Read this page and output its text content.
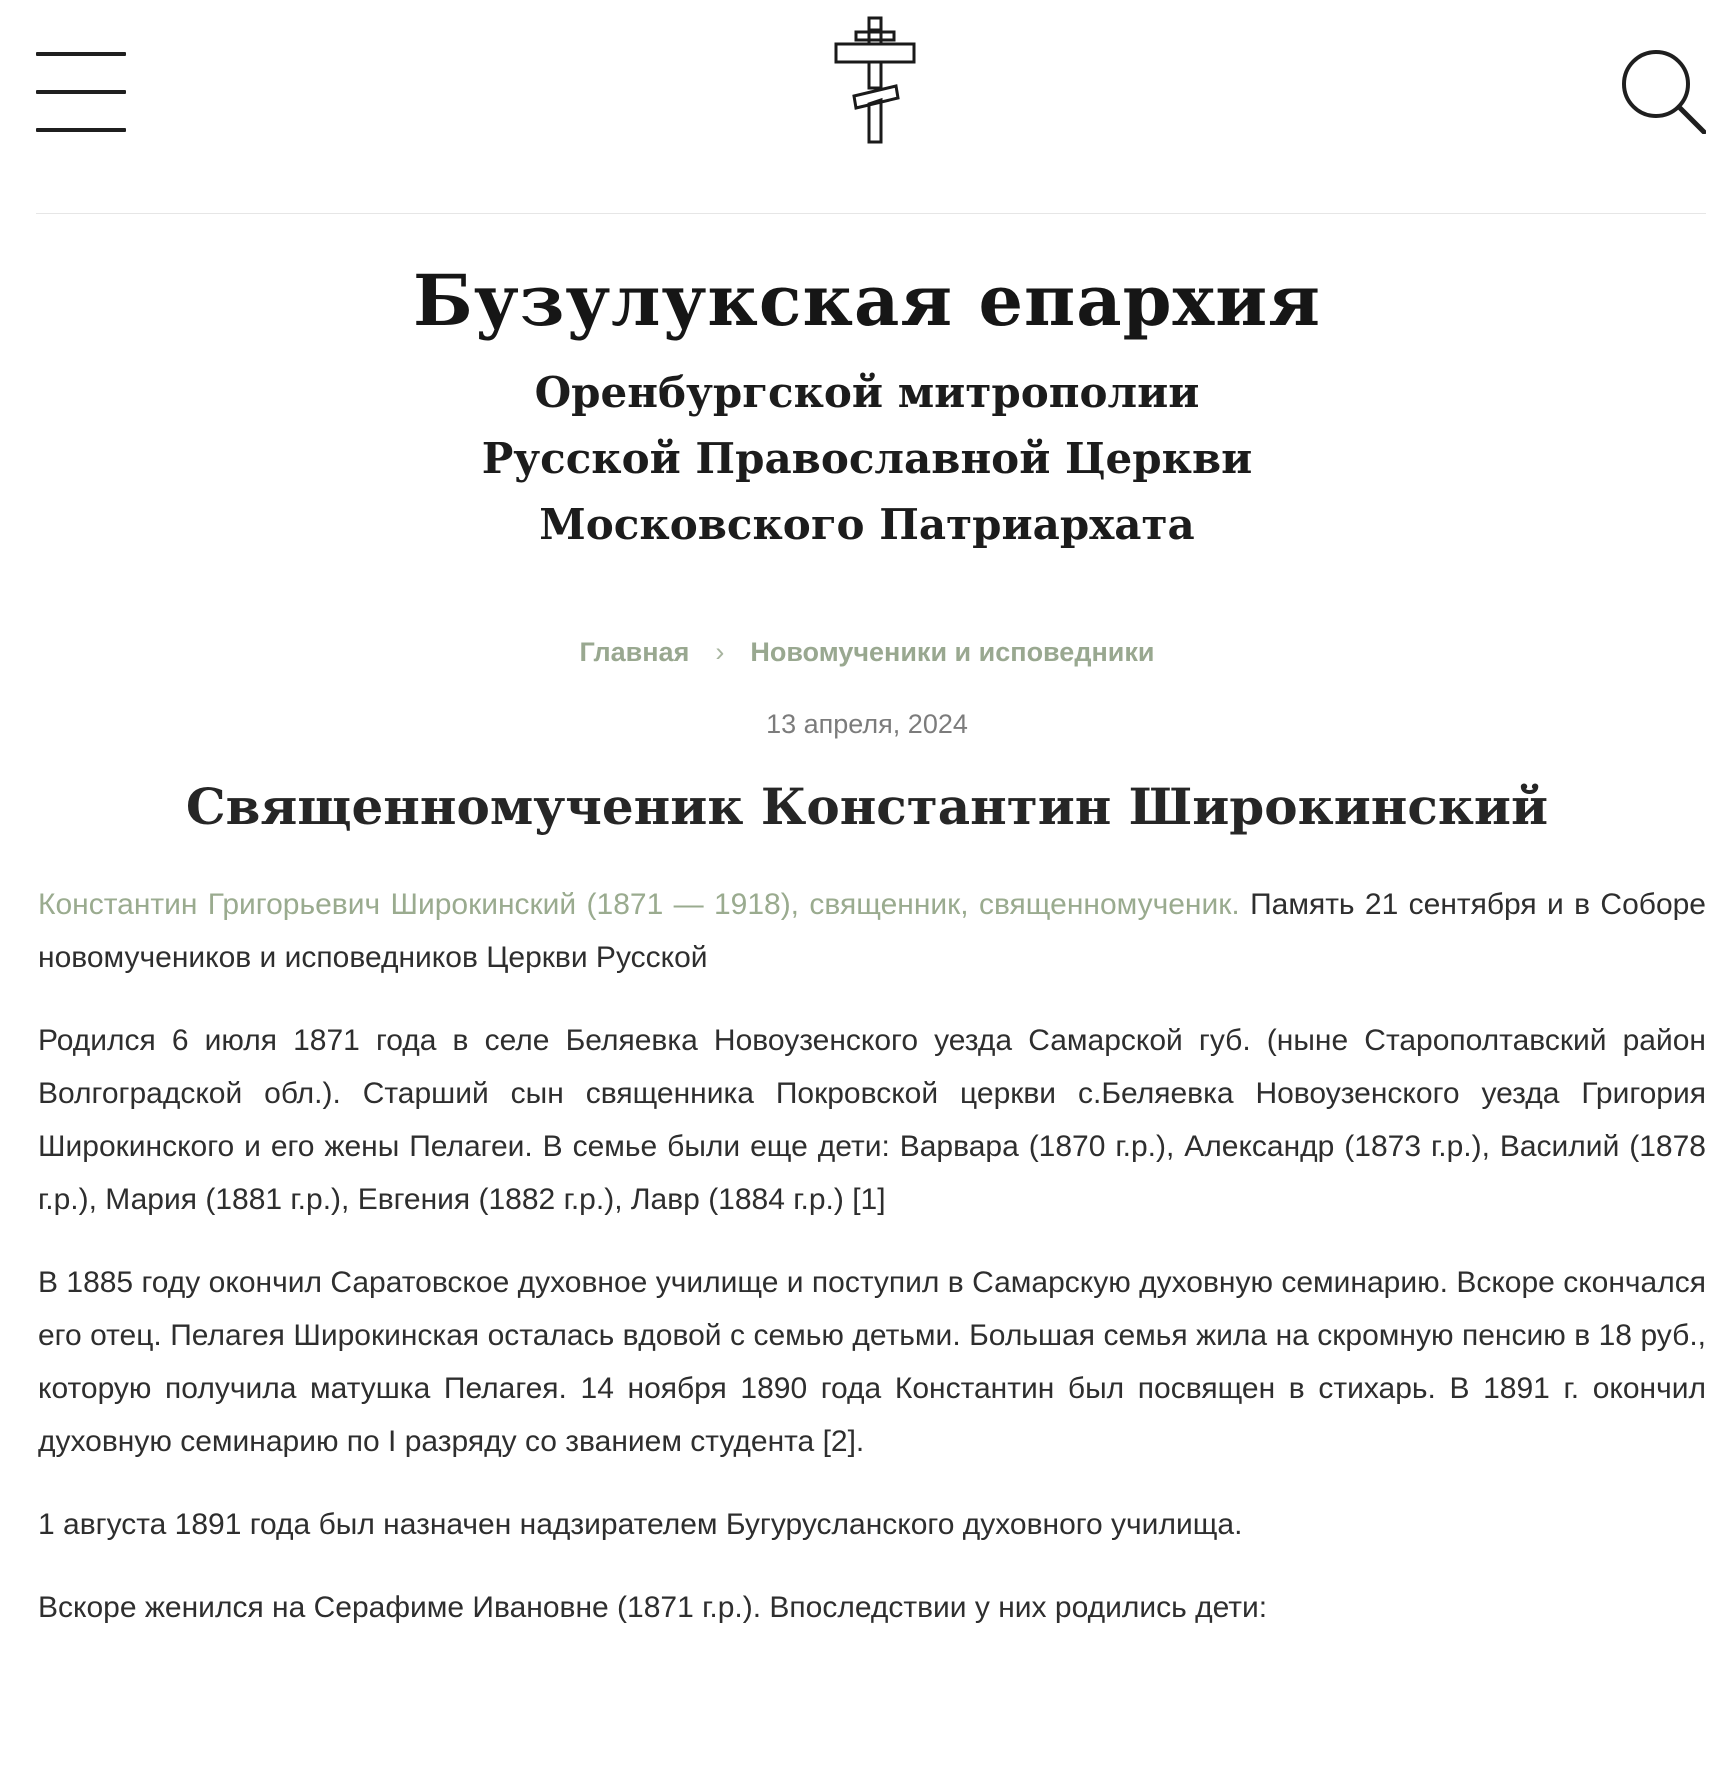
Бузулукская епархия
Оренбургской митрополии
Русской Православной Церкви
Московского Патриархата
Главная › Новомученики и исповедники
13 апреля, 2024
Священномученик Константин Широкинский

Константин Григорьевич Широкинский (1871 — 1918), священник, священномученик. Память 21 сентября и в Соборе новомучеников и исповедников Церкви Русской

Родился 6 июля 1871 года в селе Беляевка Новоузенского уезда Самарской губ. (ныне Старополтавский район Волгоградской обл.). Старший сын священника Покровской церкви с.Беляевка Новоузенского уезда Григория Широкинского и его жены Пелагеи. В семье были еще дети: Варвара (1870 г.р.), Александр (1873 г.р.), Василий (1878 г.р.), Мария (1881 г.р.), Евгения (1882 г.р.), Лавр (1884 г.р.) [1]

В 1885 году окончил Саратовское духовное училище и поступил в Самарскую духовную семинарию. Вскоре скончался его отец. Пелагея Широкинская осталась вдовой с семью детьми. Большая семья жила на скромную пенсию в 18 руб., которую получила матушка Пелагея. 14 ноября 1890 года Константин был посвящен в стихарь. В 1891 г. окончил духовную семинарию по I разряду со званием студента [2].

1 августа 1891 года был назначен надзирателем Бугурусланского духовного училища.

Вскоре женился на Серафиме Ивановне (1871 г.р.). Впоследствии у них родились дети:
